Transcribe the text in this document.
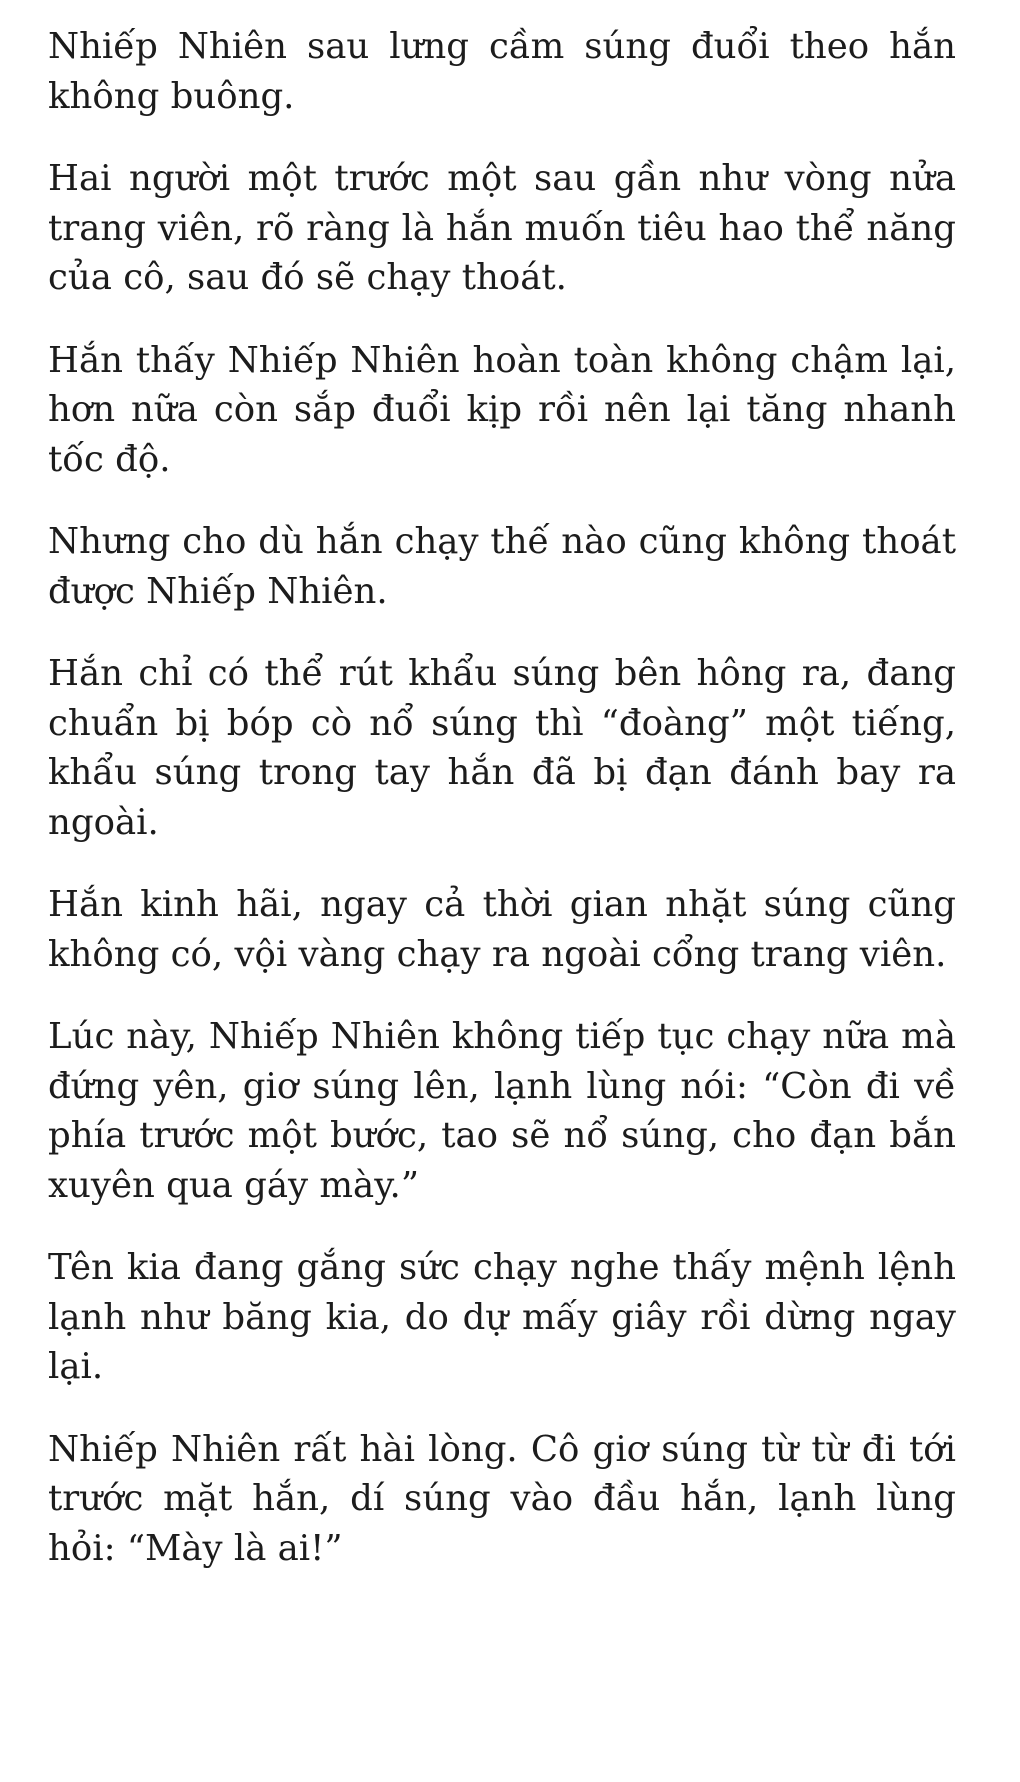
Nhiếp Nhiên sau lưng cầm súng đuổi theo hắn không buông.

Hai người một trước một sau gần như vòng nửa trang viên, rõ ràng là hắn muốn tiêu hao thể năng của cô, sau đó sẽ chạy thoát.

Hắn thấy Nhiếp Nhiên hoàn toàn không chậm lại, hơn nữa còn sắp đuổi kịp rồi nên lại tăng nhanh tốc độ.

Nhưng cho dù hắn chạy thế nào cũng không thoát được Nhiếp Nhiên.

Hắn chỉ có thể rút khẩu súng bên hông ra, đang chuẩn bị bóp cò nổ súng thì “đoàng” một tiếng, khẩu súng trong tay hắn đã bị đạn đánh bay ra ngoài.

Hắn kinh hãi, ngay cả thời gian nhặt súng cũng không có, vội vàng chạy ra ngoài cổng trang viên.

Lúc này, Nhiếp Nhiên không tiếp tục chạy nữa mà đứng yên, giơ súng lên, lạnh lùng nói: “Còn đi về phía trước một bước, tao sẽ nổ súng, cho đạn bắn xuyên qua gáy mày.”

Tên kia đang gắng sức chạy nghe thấy mệnh lệnh lạnh như băng kia, do dự mấy giây rồi dừng ngay lại.

Nhiếp Nhiên rất hài lòng. Cô giơ súng từ từ đi tới trước mặt hắn, dí súng vào đầu hắn, lạnh lùng hỏi: “Mày là ai!”
